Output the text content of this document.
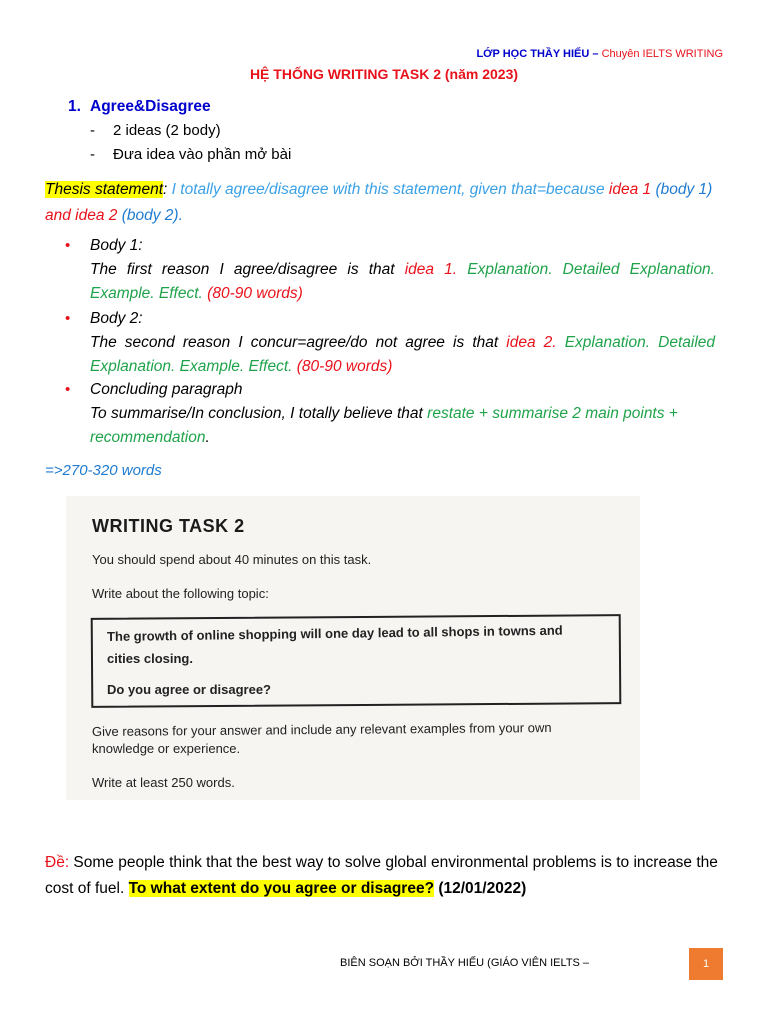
LỚP HỌC THẦY HIẾU – Chuyên IELTS WRITING
HỆ THỐNG WRITING TASK 2 (năm 2023)
1. Agree&Disagree
- 2 ideas (2 body)
- Đưa idea vào phần mở bài
Thesis statement: I totally agree/disagree with this statement, given that=because idea 1 (body 1) and idea 2 (body 2).
• Body 1:
The first reason I agree/disagree is that idea 1. Explanation. Detailed Explanation. Example. Effect. (80-90 words)
• Body 2:
The second reason I concur=agree/do not agree is that idea 2. Explanation. Detailed Explanation. Example. Effect. (80-90 words)
• Concluding paragraph
To summarise/In conclusion, I totally believe that restate + summarise 2 main points + recommendation.
=>270-320 words
WRITING TASK 2
You should spend about 40 minutes on this task.
Write about the following topic:
The growth of online shopping will one day lead to all shops in towns and
cities closing.
Do you agree or disagree?
Give reasons for your answer and include any relevant examples from your own
knowledge or experience.
Write at least 250 words.
Đề: Some people think that the best way to solve global environmental problems is to increase the cost of fuel. To what extent do you agree or disagree? (12/01/2022)
BIÊN SOẠN BỞI THẦY HIẾU (GIÁO VIÊN IELTS –	1
